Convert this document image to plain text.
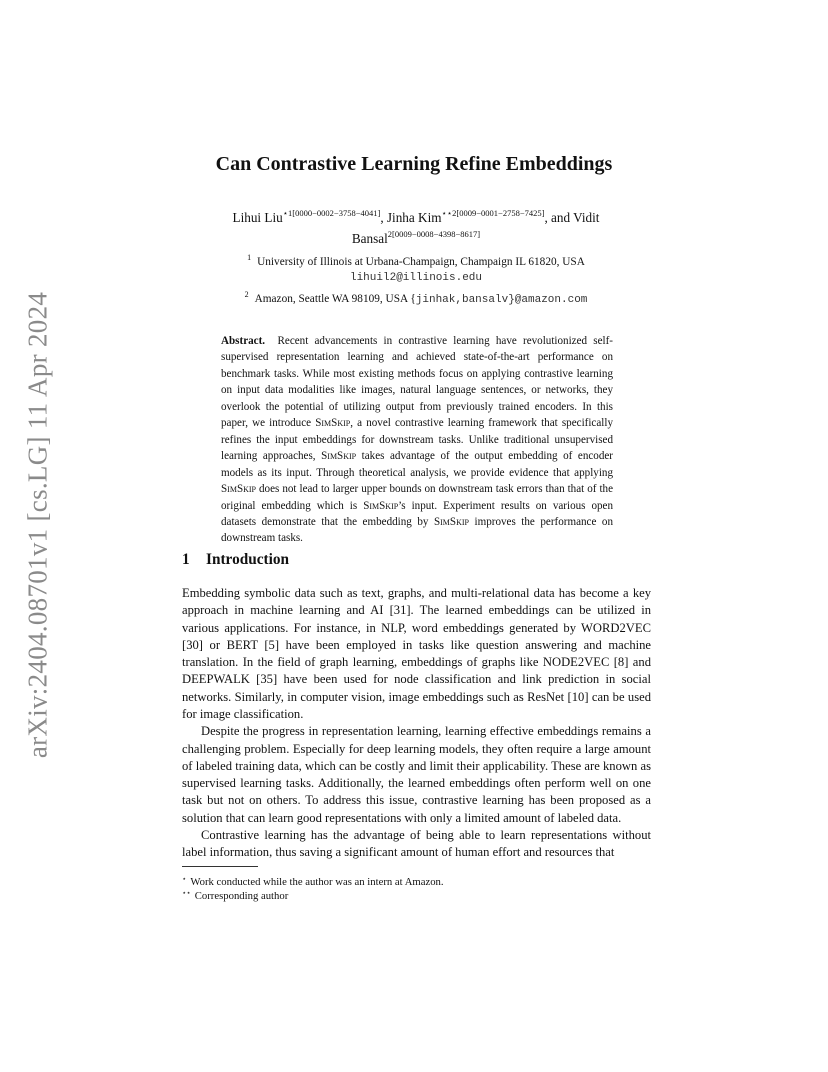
arXiv:2404.08701v1 [cs.LG] 11 Apr 2024
Can Contrastive Learning Refine Embeddings
Lihui Liu$^{⋆1[0000-0002-3758-4041]}$, Jinha Kim$^{⋆⋆2[0009-0001-2758-7425]}$, and Vidit
Bansal$^{2[0009-0008-4398-8617]}$
$^1$ University of Illinois at Urbana-Champaign, Champaign IL 61820, USA
lihuil2@illinois.edu
$^2$ Amazon, Seattle WA 98109, USA {jinhak,bansalv}@amazon.com
Abstract. Recent advancements in contrastive learning have revolutionized self-supervised representation learning and achieved state-of-the-art performance on benchmark tasks. While most existing methods focus on applying contrastive learning on input data modalities like images, natural language sentences, or networks, they overlook the potential of utilizing output from previously trained encoders. In this paper, we introduce SimSkip, a novel contrastive learning framework that specifically refines the input embeddings for downstream tasks. Unlike traditional unsupervised learning approaches, SimSkip takes advantage of the output embedding of encoder models as its input. Through theoretical analysis, we provide evidence that applying SimSkip does not lead to larger upper bounds on downstream task errors than that of the original embedding which is SimSkip’s input. Experiment results on various open datasets demonstrate that the embedding by SimSkip improves the performance on downstream tasks.
1 Introduction

Embedding symbolic data such as text, graphs, and multi-relational data has become a key approach in machine learning and AI [31]. The learned embeddings can be utilized in various applications. For instance, in NLP, word embeddings generated by WORD2VEC [30] or BERT [5] have been employed in tasks like question answering and machine translation. In the field of graph learning, embeddings of graphs like NODE2VEC [8] and DEEPWALK [35] have been used for node classification and link prediction in social networks. Similarly, in computer vision, image embeddings such as ResNet [10] can be used for image classification.

Despite the progress in representation learning, learning effective embeddings remains a challenging problem. Especially for deep learning models, they often require a large amount of labeled training data, which can be costly and limit their applicability. These are known as supervised learning tasks. Additionally, the learned embeddings often perform well on one task but not on others. To address this issue, contrastive learning has been proposed as a solution that can learn good representations with only a limited amount of labeled data.

Contrastive learning has the advantage of being able to learn representations without label information, thus saving a significant amount of human effort and resources that

⋆ Work conducted while the author was an intern at Amazon.
⋆⋆ Corresponding author
